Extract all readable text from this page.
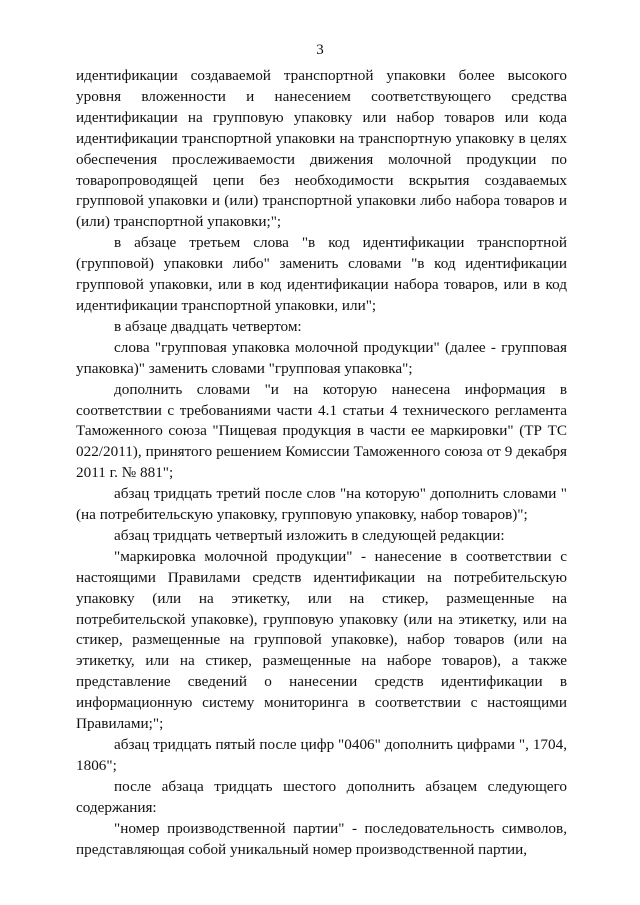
3

идентификации создаваемой транспортной упаковки более высокого уровня вложенности и нанесением соответствующего средства идентификации на групповую упаковку или набор товаров или кода идентификации транспортной упаковки на транспортную упаковку в целях обеспечения прослеживаемости движения молочной продукции по товаропроводящей цепи без необходимости вскрытия создаваемых групповой упаковки и (или) транспортной упаковки либо набора товаров и (или) транспортной упаковки;";

в абзаце третьем слова "в код идентификации транспортной (групповой) упаковки либо" заменить словами "в код идентификации групповой упаковки, или в код идентификации набора товаров, или в код идентификации транспортной упаковки, или";

в абзаце двадцать четвертом:

слова "групповая упаковка молочной продукции" (далее - групповая упаковка)" заменить словами "групповая упаковка";

дополнить словами "и на которую нанесена информация в соответствии с требованиями части 4.1 статьи 4 технического регламента Таможенного союза "Пищевая продукция в части ее маркировки" (ТР ТС 022/2011), принятого решением Комиссии Таможенного союза от 9 декабря 2011 г. № 881";

абзац тридцать третий после слов "на которую" дополнить словами "(на потребительскую упаковку, групповую упаковку, набор товаров)";

абзац тридцать четвертый изложить в следующей редакции:

"маркировка молочной продукции" - нанесение в соответствии с настоящими Правилами средств идентификации на потребительскую упаковку (или на этикетку, или на стикер, размещенные на потребительской упаковке), групповую упаковку (или на этикетку, или на стикер, размещенные на групповой упаковке), набор товаров (или на этикетку, или на стикер, размещенные на наборе товаров), а также представление сведений о нанесении средств идентификации в информационную систему мониторинга в соответствии с настоящими Правилами;";

абзац тридцать пятый после цифр "0406" дополнить цифрами ", 1704, 1806";

после абзаца тридцать шестого дополнить абзацем следующего содержания:

"номер производственной партии" - последовательность символов, представляющая собой уникальный номер производственной партии,
